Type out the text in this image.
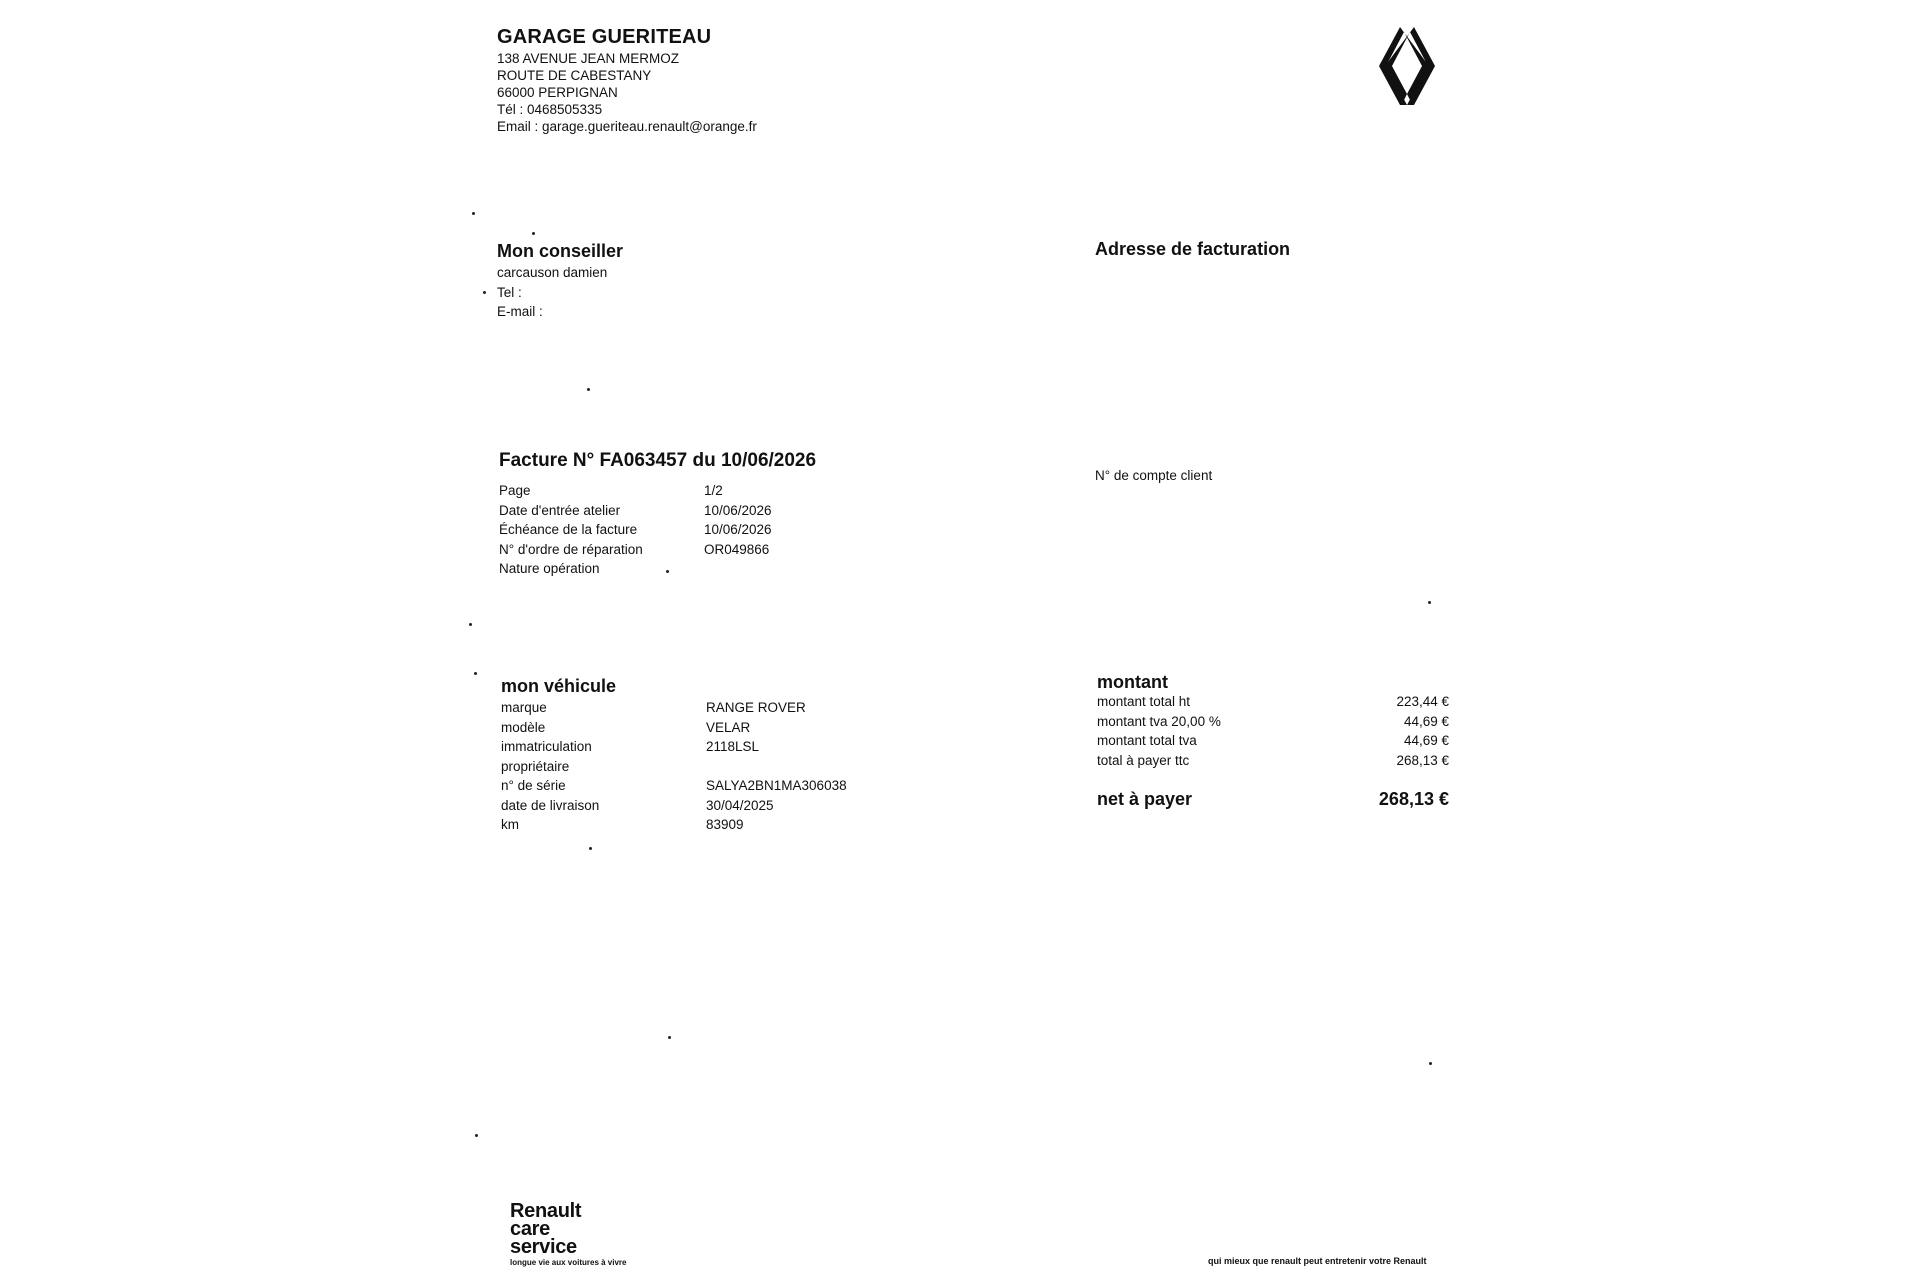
GARAGE GUERITEAU
138 AVENUE JEAN MERMOZ
ROUTE DE CABESTANY
66000 PERPIGNAN
Tél : 0468505335
Email : garage.gueriteau.renault@orange.fr
Mon conseiller
carcauson damien
Tel :
E-mail :
Adresse de facturation
Facture N° FA063457 du 10/06/2026
Page	1/2
Date d'entrée atelier	10/06/2026
Échéance de la facture	10/06/2026
N° d'ordre de réparation	OR049866
Nature opération
N° de compte client
mon véhicule
marque	RANGE ROVER
modèle	VELAR
immatriculation	2118LSL
propriétaire
n° de série	SALYA2BN1MA306038
date de livraison	30/04/2025
km	83909
montant
montant total ht	223,44 €
montant tva 20,00 %	44,69 €
montant total tva	44,69 €
total à payer ttc	268,13 €
net à payer	268,13 €
Renault
care
service
longue vie aux voitures à vivre	qui mieux que renault peut entretenir votre Renault
